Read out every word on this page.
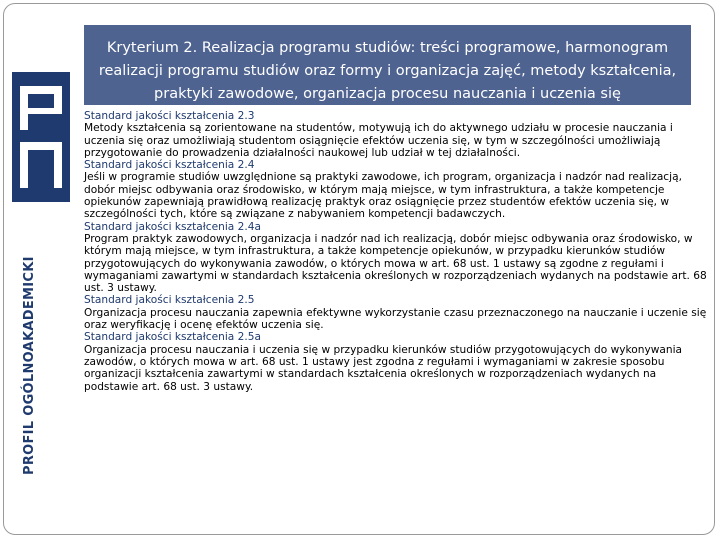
PROFIL OGÓLNOAKADEMICKI
Kryterium 2. Realizacja programu studiów: treści programowe, harmonogram realizacji programu studiów oraz formy i organizacja zajęć, metody kształcenia, praktyki zawodowe, organizacja procesu nauczania i uczenia się

Standard jakości kształcenia 2.3

Metody kształcenia są zorientowane na studentów, motywują ich do aktywnego udziału w procesie nauczania i uczenia się oraz umożliwiają studentom osiągnięcie efektów uczenia się, w tym w szczególności umożliwiają przygotowanie do prowadzenia działalności naukowej lub udział w tej działalności.

Standard jakości kształcenia 2.4

Jeśli w programie studiów uwzględnione są praktyki zawodowe, ich program, organizacja i nadzór nad realizacją, dobór miejsc odbywania oraz środowisko, w którym mają miejsce, w tym infrastruktura, a także kompetencje opiekunów zapewniają prawidłową realizację praktyk oraz osiągnięcie przez studentów efektów uczenia się, w szczególności tych, które są związane z nabywaniem kompetencji badawczych.

Standard jakości kształcenia 2.4a

Program praktyk zawodowych, organizacja i nadzór nad ich realizacją, dobór miejsc odbywania oraz środowisko, w którym mają miejsce, w tym infrastruktura, a także kompetencje opiekunów, w przypadku kierunków studiów przygotowujących do wykonywania zawodów, o których mowa w art. 68 ust. 1 ustawy są zgodne z regułami i wymaganiami zawartymi w standardach kształcenia określonych w rozporządzeniach wydanych na podstawie art. 68 ust. 3 ustawy.

Standard jakości kształcenia 2.5

Organizacja procesu nauczania zapewnia efektywne wykorzystanie czasu przeznaczonego na nauczanie i uczenie się oraz weryfikację i ocenę efektów uczenia się.

Standard jakości kształcenia 2.5a

Organizacja procesu nauczania i uczenia się w przypadku kierunków studiów przygotowujących do wykonywania zawodów, o których mowa w art. 68 ust. 1 ustawy jest zgodna z regułami i wymaganiami w zakresie sposobu organizacji kształcenia zawartymi w standardach kształcenia określonych w rozporządzeniach wydanych na podstawie art. 68 ust. 3 ustawy.
